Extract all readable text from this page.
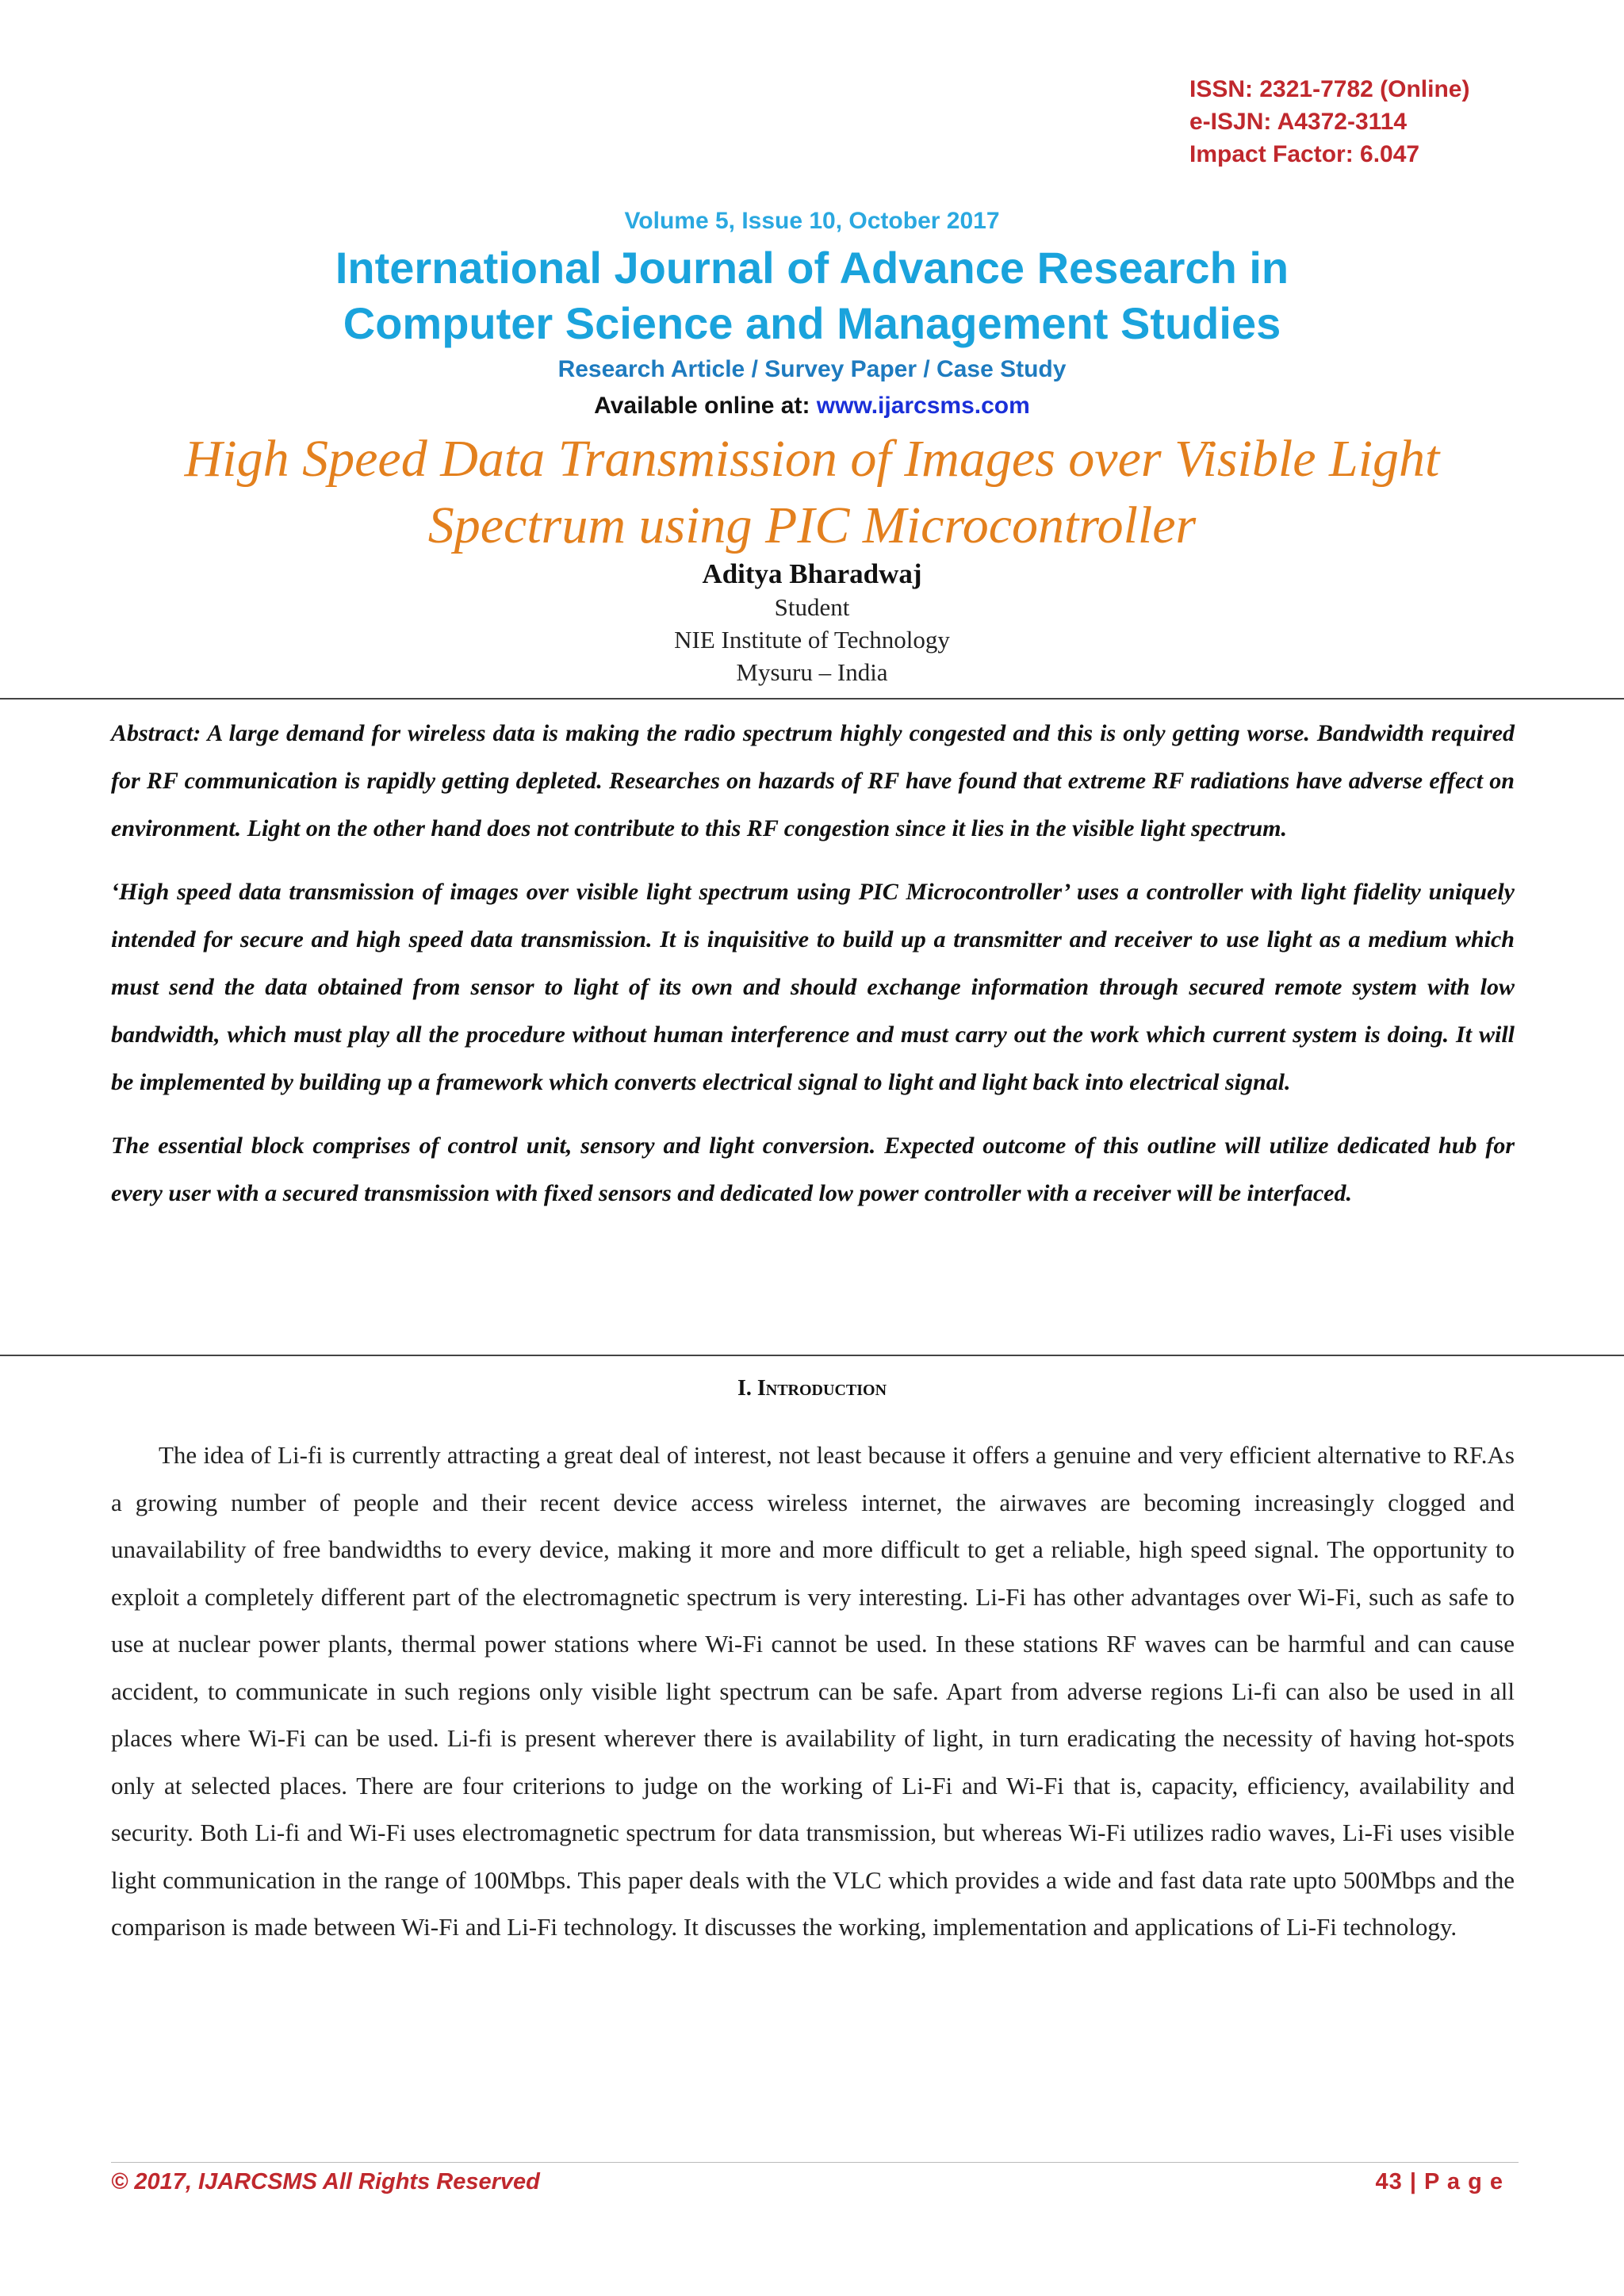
ISSN: 2321-7782 (Online)
e-ISJN: A4372-3114
Impact Factor: 6.047
Volume 5, Issue 10, October 2017
International Journal of Advance Research in
Computer Science and Management Studies
Research Article / Survey Paper / Case Study
Available online at: www.ijarcsms.com
High Speed Data Transmission of Images over Visible Light
Spectrum using PIC Microcontroller
Aditya Bharadwaj
Student
NIE Institute of Technology
Mysuru – India

Abstract: A large demand for wireless data is making the radio spectrum highly congested and this is only getting worse. Bandwidth required for RF communication is rapidly getting depleted. Researches on hazards of RF have found that extreme RF radiations have adverse effect on environment. Light on the other hand does not contribute to this RF congestion since it lies in the visible light spectrum.

‘High speed data transmission of images over visible light spectrum using PIC Microcontroller’ uses a controller with light fidelity uniquely intended for secure and high speed data transmission. It is inquisitive to build up a transmitter and receiver to use light as a medium which must send the data obtained from sensor to light of its own and should exchange information through secured remote system with low bandwidth, which must play all the procedure without human interference and must carry out the work which current system is doing. It will be implemented by building up a framework which converts electrical signal to light and light back into electrical signal.

The essential block comprises of control unit, sensory and light conversion. Expected outcome of this outline will utilize dedicated hub for every user with a secured transmission with fixed sensors and dedicated low power controller with a receiver will be interfaced.

I. Introduction

The idea of Li-fi is currently attracting a great deal of interest, not least because it offers a genuine and very efficient alternative to RF.As a growing number of people and their recent device access wireless internet, the airwaves are becoming increasingly clogged and unavailability of free bandwidths to every device, making it more and more difficult to get a reliable, high speed signal. The opportunity to exploit a completely different part of the electromagnetic spectrum is very interesting. Li-Fi has other advantages over Wi-Fi, such as safe to use at nuclear power plants, thermal power stations where Wi-Fi cannot be used. In these stations RF waves can be harmful and can cause accident, to communicate in such regions only visible light spectrum can be safe. Apart from adverse regions Li-fi can also be used in all places where Wi-Fi can be used. Li-fi is present wherever there is availability of light, in turn eradicating the necessity of having hot-spots only at selected places. There are four criterions to judge on the working of Li-Fi and Wi-Fi that is, capacity, efficiency, availability and security. Both Li-fi and Wi-Fi uses electromagnetic spectrum for data transmission, but whereas Wi-Fi utilizes radio waves, Li-Fi uses visible light communication in the range of 100Mbps. This paper deals with the VLC which provides a wide and fast data rate upto 500Mbps and the comparison is made between Wi-Fi and Li-Fi technology. It discusses the working, implementation and applications of Li-Fi technology.

© 2017, IJARCSMS All Rights Reserved	43 | P a g e
